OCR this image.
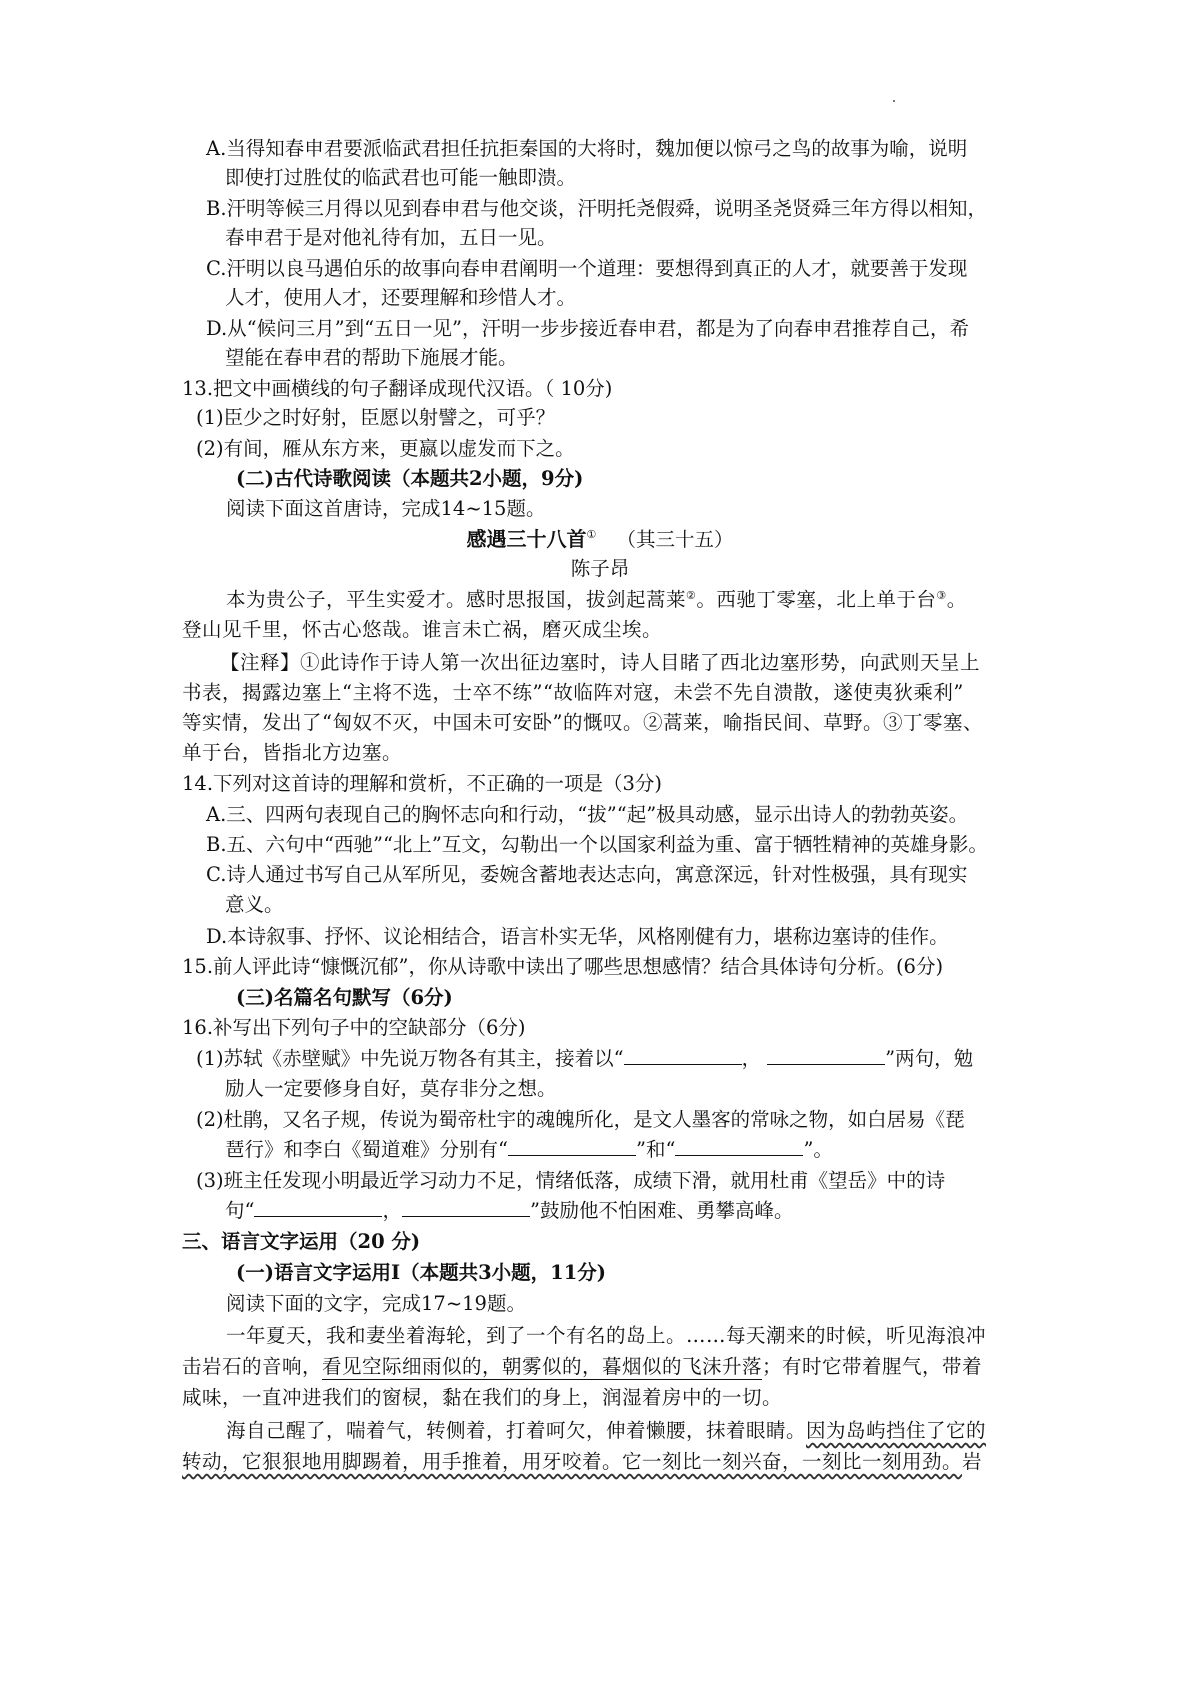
A.当得知春申君要派临武君担任抗拒秦国的大将时，魏加便以惊弓之鸟的故事为喻，说明
即使打过胜仗的临武君也可能一触即溃。
B.汗明等候三月得以见到春申君与他交谈，汗明托尧假舜，说明圣尧贤舜三年方得以相知，
春申君于是对他礼待有加，五日一见。
C.汗明以良马遇伯乐的故事向春申君阐明一个道理：要想得到真正的人才，就要善于发现
人才，使用人才，还要理解和珍惜人才。
D.从“候问三月”到“五日一见”，汗明一步步接近春申君，都是为了向春申君推荐自己，希
望能在春申君的帮助下施展才能。
13.把文中画横线的句子翻译成现代汉语。（ 10分)
(1)臣少之时好射，臣愿以射譬之，可乎？
(2)有间，雁从东方来，更嬴以虚发而下之。
(二)古代诗歌阅读（本题共2小题，9分)
阅读下面这首唐诗，完成14~15题。
感遇三十八首① （其三十五）
陈子昂
本为贵公子，平生实爱才。感时思报国，拔剑起蒿莱②。西驰丁零塞，北上单于台③。
登山见千里，怀古心悠哉。谁言未亡祸，磨灭成尘埃。
【注释】①此诗作于诗人第一次出征边塞时，诗人目睹了西北边塞形势，向武则天呈上
书表，揭露边塞上“主将不选，士卒不练”“故临阵对寇，未尝不先自溃散，遂使夷狄乘利”
等实情，发出了“匈奴不灭，中国未可安卧”的慨叹。②蒿莱，喻指民间、草野。③丁零塞、
单于台，皆指北方边塞。
14.下列对这首诗的理解和赏析，不正确的一项是（3分)
A.三、四两句表现自己的胸怀志向和行动，“拔”“起”极具动感，显示出诗人的勃勃英姿。
B.五、六句中“西驰”“北上”互文，勾勒出一个以国家利益为重、富于牺牲精神的英雄身影。
C.诗人通过书写自己从军所见，委婉含蓄地表达志向，寓意深远，针对性极强，具有现实
意义。
D.本诗叙事、抒怀、议论相结合，语言朴实无华，风格刚健有力，堪称边塞诗的佳作。
15.前人评此诗“慷慨沉郁”，你从诗歌中读出了哪些思想感情？结合具体诗句分析。(6分)
(三)名篇名句默写（6分)
16.补写出下列句子中的空缺部分（6分)
(1)苏轼《赤壁赋》中先说万物各有其主，接着以“	，	”两句，勉
励人一定要修身自好，莫存非分之想。
(2)杜鹃，又名子规，传说为蜀帝杜宇的魂魄所化，是文人墨客的常咏之物，如白居易《琵
琶行》和李白《蜀道难》分别有“	”和“	”。
(3)班主任发现小明最近学习动力不足，情绪低落，成绩下滑，就用杜甫《望岳》中的诗
句“	，	”鼓励他不怕困难、勇攀高峰。
三、语言文字运用（20 分)
(一)语言文字运用Ⅰ（本题共3小题，11分)
阅读下面的文字，完成17~19题。
一年夏天，我和妻坐着海轮，到了一个有名的岛上。……每天潮来的时候，听见海浪冲
击岩石的音响，看见空际细雨似的，朝雾似的，暮烟似的飞沫升落；有时它带着腥气，带着
咸味，一直冲进我们的窗棂，黏在我们的身上，润湿着房中的一切。
海自己醒了，喘着气，转侧着，打着呵欠，伸着懒腰，抹着眼睛。因为岛屿挡住了它的
转动，它狠狠地用脚踢着，用手推着，用牙咬着。它一刻比一刻兴奋，一刻比一刻用劲。岩
